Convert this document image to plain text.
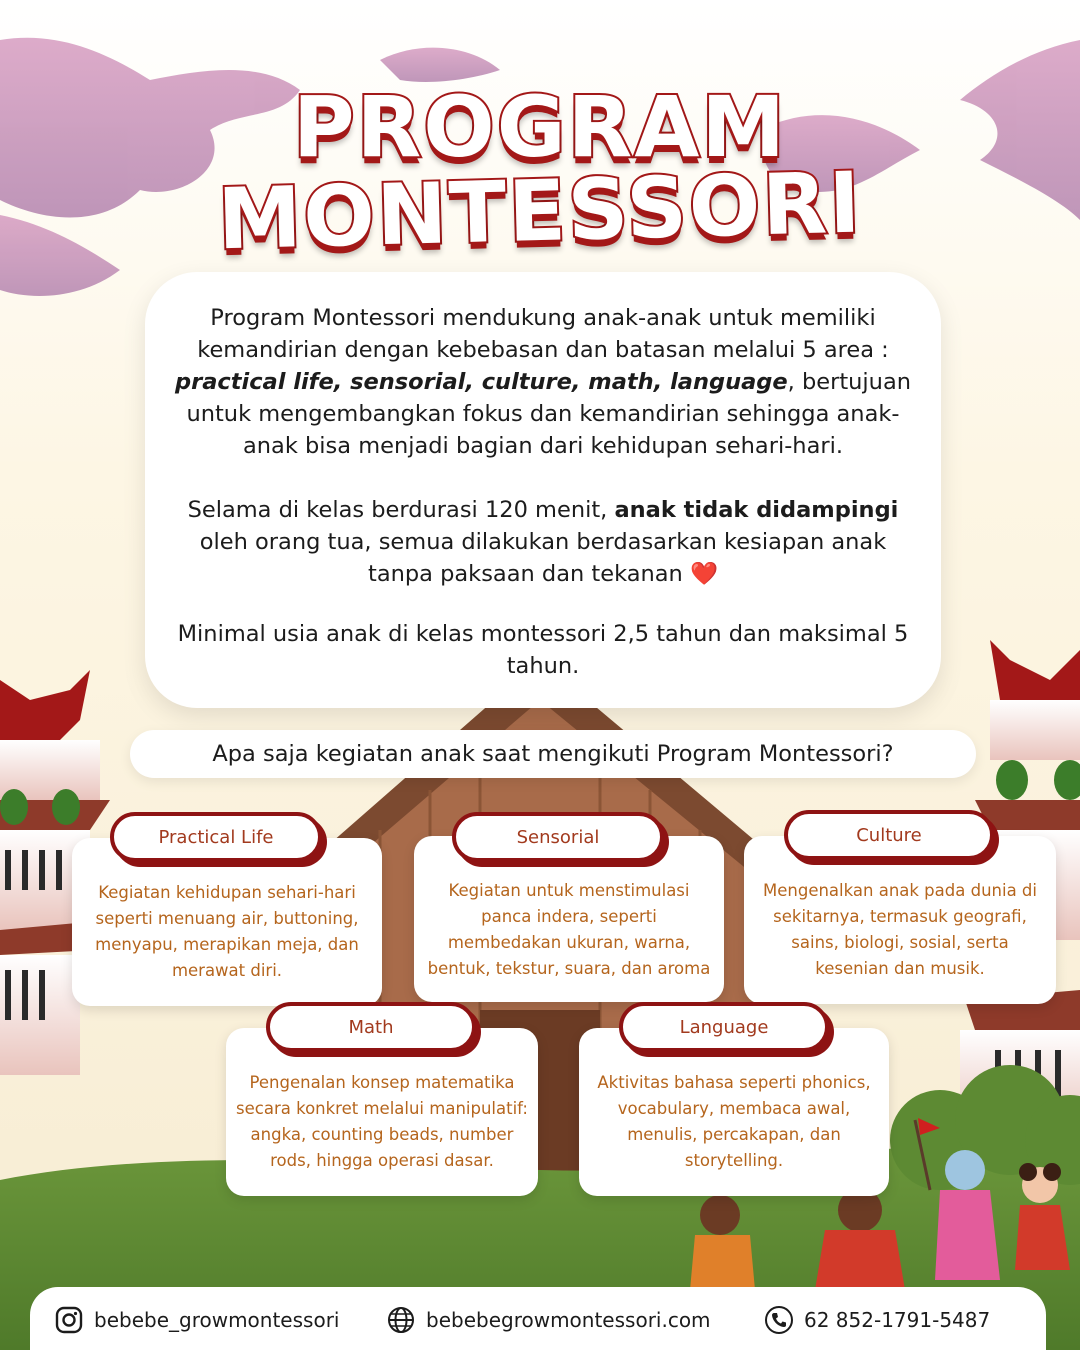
PROGRAM
MONTESSORI

Program Montessori mendukung anak-anak untuk memiliki kemandirian dengan kebebasan dan batasan melalui 5 area : practical life, sensorial, culture, math, language, bertujuan untuk mengembangkan fokus dan kemandirian sehingga anak-anak bisa menjadi bagian dari kehidupan sehari-hari.

Selama di kelas berdurasi 120 menit, anak tidak didampingi oleh orang tua, semua dilakukan berdasarkan kesiapan anak tanpa paksaan dan tekanan ❤️

Minimal usia anak di kelas montessori 2,5 tahun dan maksimal 5 tahun.

Apa saja kegiatan anak saat mengikuti Program Montessori?
Kegiatan kehidupan sehari-hari seperti menuang air, buttoning, menyapu, merapikan meja, dan merawat diri.
Practical Life
Kegiatan untuk menstimulasi panca indera, seperti membedakan ukuran, warna, bentuk, tekstur, suara, dan aroma
Sensorial
Mengenalkan anak pada dunia di sekitarnya, termasuk geografi, sains, biologi, sosial, serta kesenian dan musik.
Culture
Pengenalan konsep matematika secara konkret melalui manipulatif: angka, counting beads, number rods, hingga operasi dasar.
Math
Aktivitas bahasa seperti phonics, vocabulary, membaca awal, menulis, percakapan, dan storytelling.
Language
bebebe_growmontessori	bebebegrowmontessori.com	62 852-1791-5487
